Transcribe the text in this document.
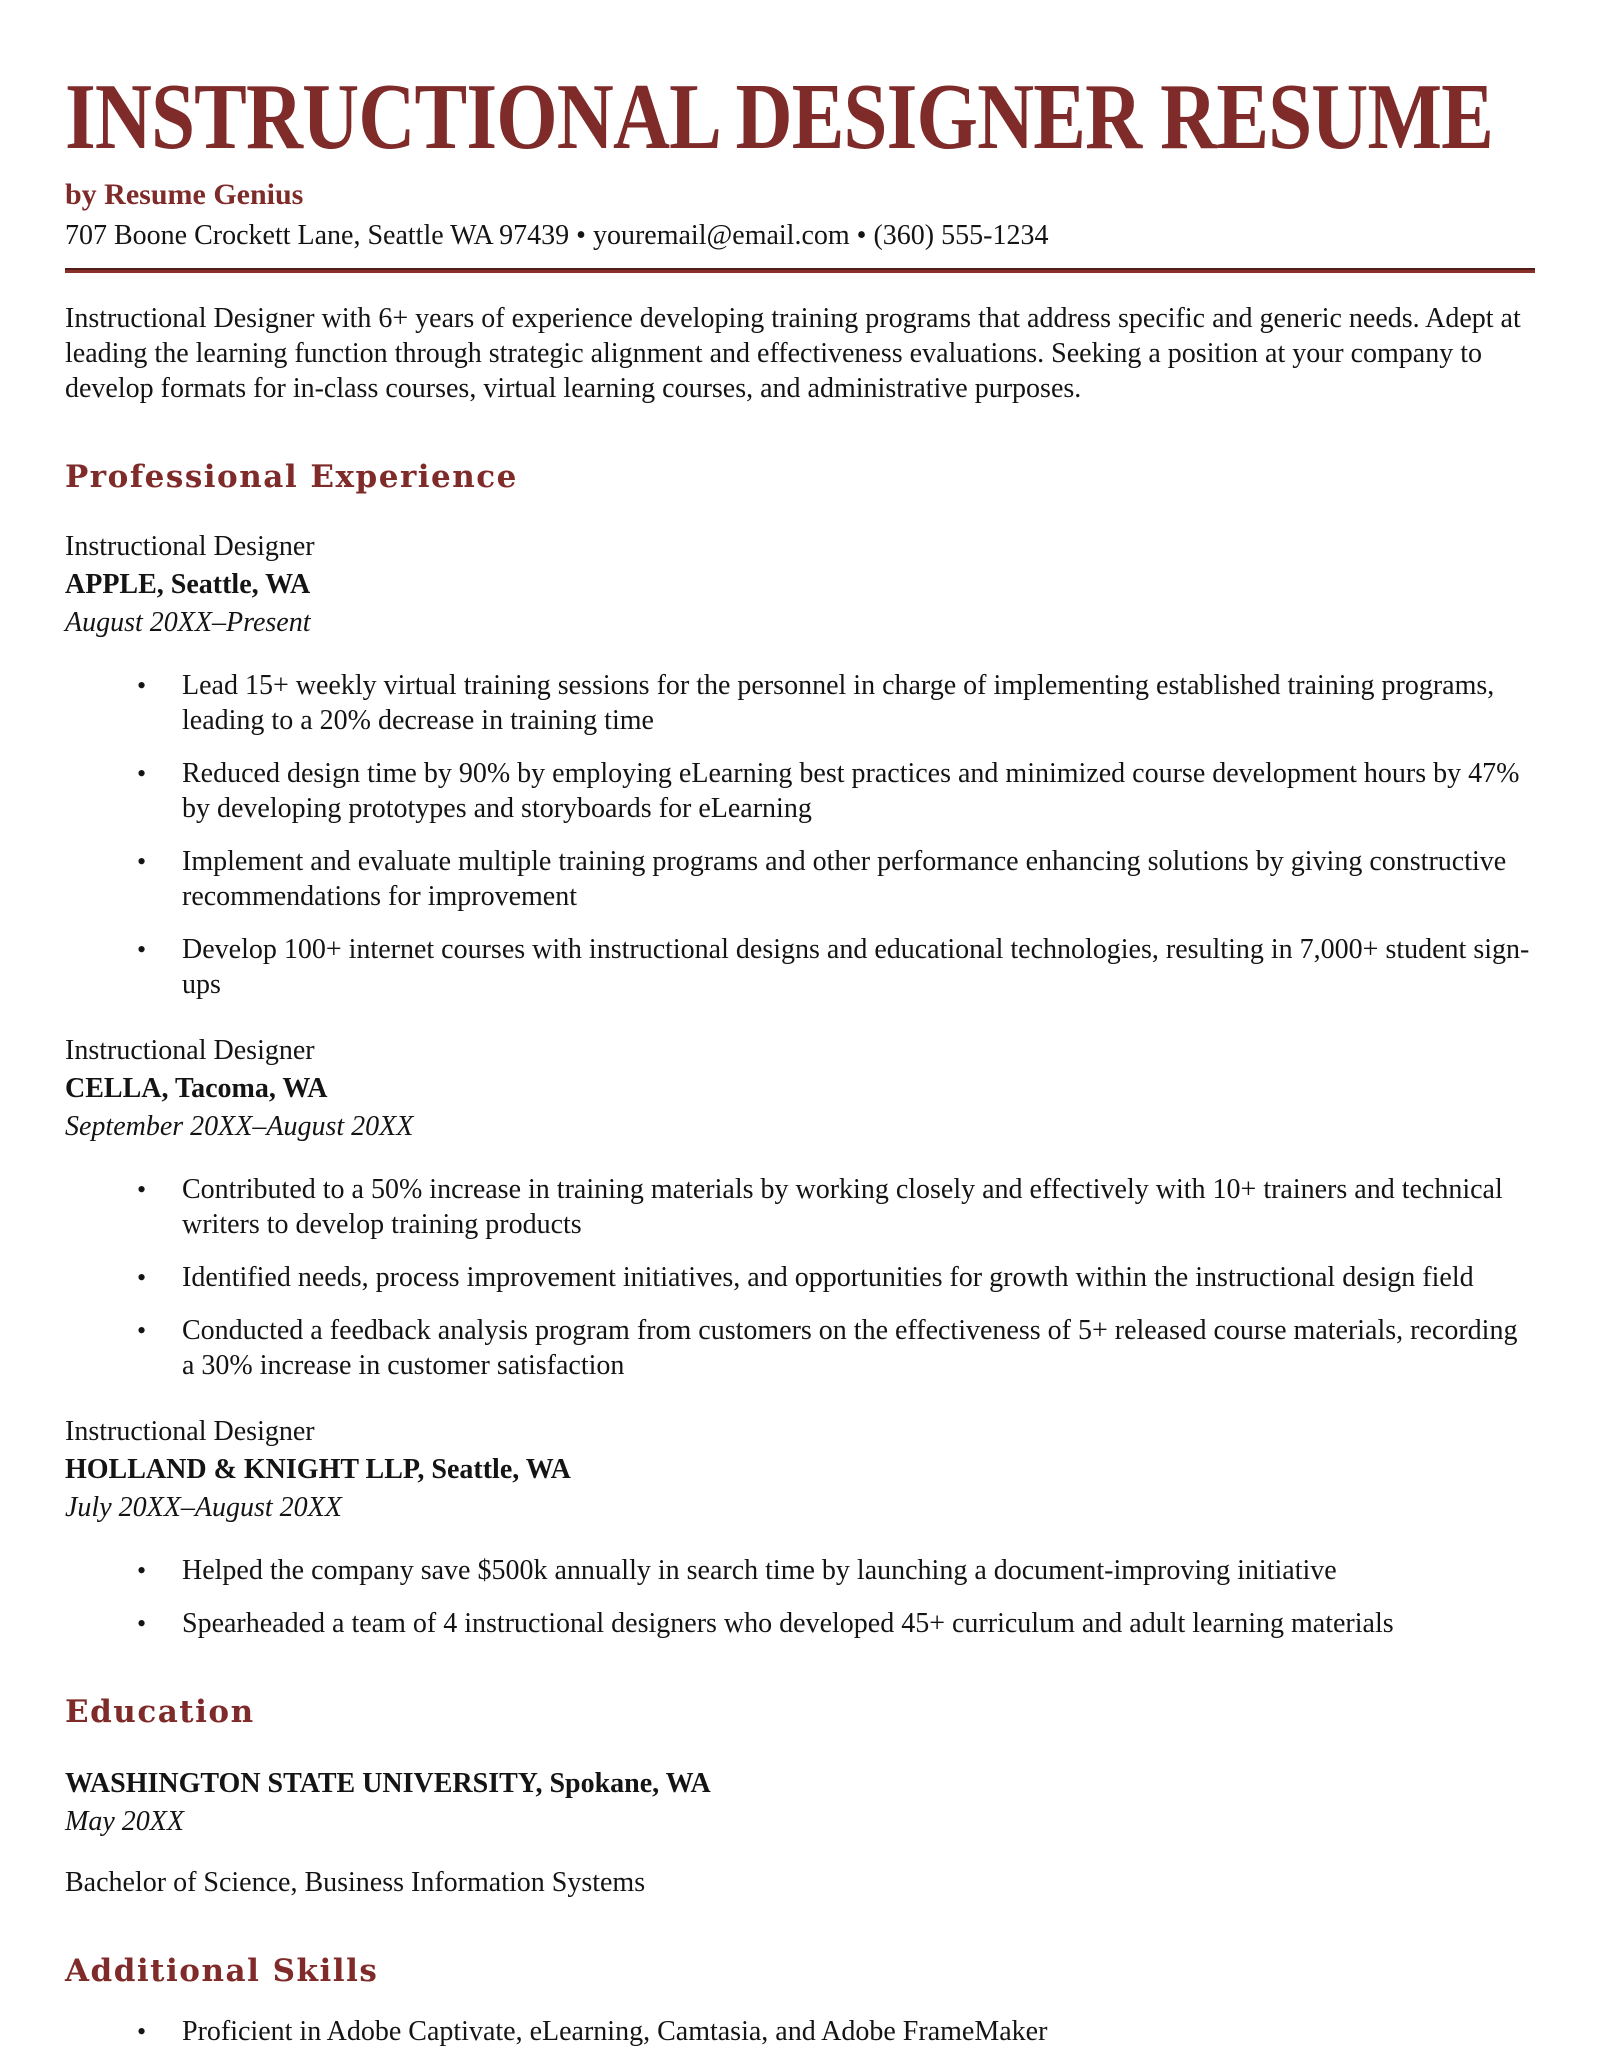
INSTRUCTIONAL DESIGNER RESUME
by Resume Genius
707 Boone Crockett Lane, Seattle WA 97439 • youremail@email.com • (360) 555-1234

Instructional Designer with 6+ years of experience developing training programs that address specific and generic needs. Adept at leading the learning function through strategic alignment and effectiveness evaluations. Seeking a position at your company to develop formats for in-class courses, virtual learning courses, and administrative purposes.

Professional Experience
Instructional Designer
APPLE, Seattle, WA
August 20XX–Present
• Lead 15+ weekly virtual training sessions for the personnel in charge of implementing established training programs, leading to a 20% decrease in training time
• Reduced design time by 90% by employing eLearning best practices and minimized course development hours by 47% by developing prototypes and storyboards for eLearning
• Implement and evaluate multiple training programs and other performance enhancing solutions by giving constructive recommendations for improvement
• Develop 100+ internet courses with instructional designs and educational technologies, resulting in 7,000+ student sign-ups
Instructional Designer
CELLA, Tacoma, WA
September 20XX–August 20XX
• Contributed to a 50% increase in training materials by working closely and effectively with 10+ trainers and technical writers to develop training products
• Identified needs, process improvement initiatives, and opportunities for growth within the instructional design field
• Conducted a feedback analysis program from customers on the effectiveness of 5+ released course materials, recording a 30% increase in customer satisfaction
Instructional Designer
HOLLAND & KNIGHT LLP, Seattle, WA
July 20XX–August 20XX
• Helped the company save $500k annually in search time by launching a document-improving initiative
• Spearheaded a team of 4 instructional designers who developed 45+ curriculum and adult learning materials
Education
WASHINGTON STATE UNIVERSITY, Spokane, WA
May 20XX
Bachelor of Science, Business Information Systems
Additional Skills
• Proficient in Adobe Captivate, eLearning, Camtasia, and Adobe FrameMaker
